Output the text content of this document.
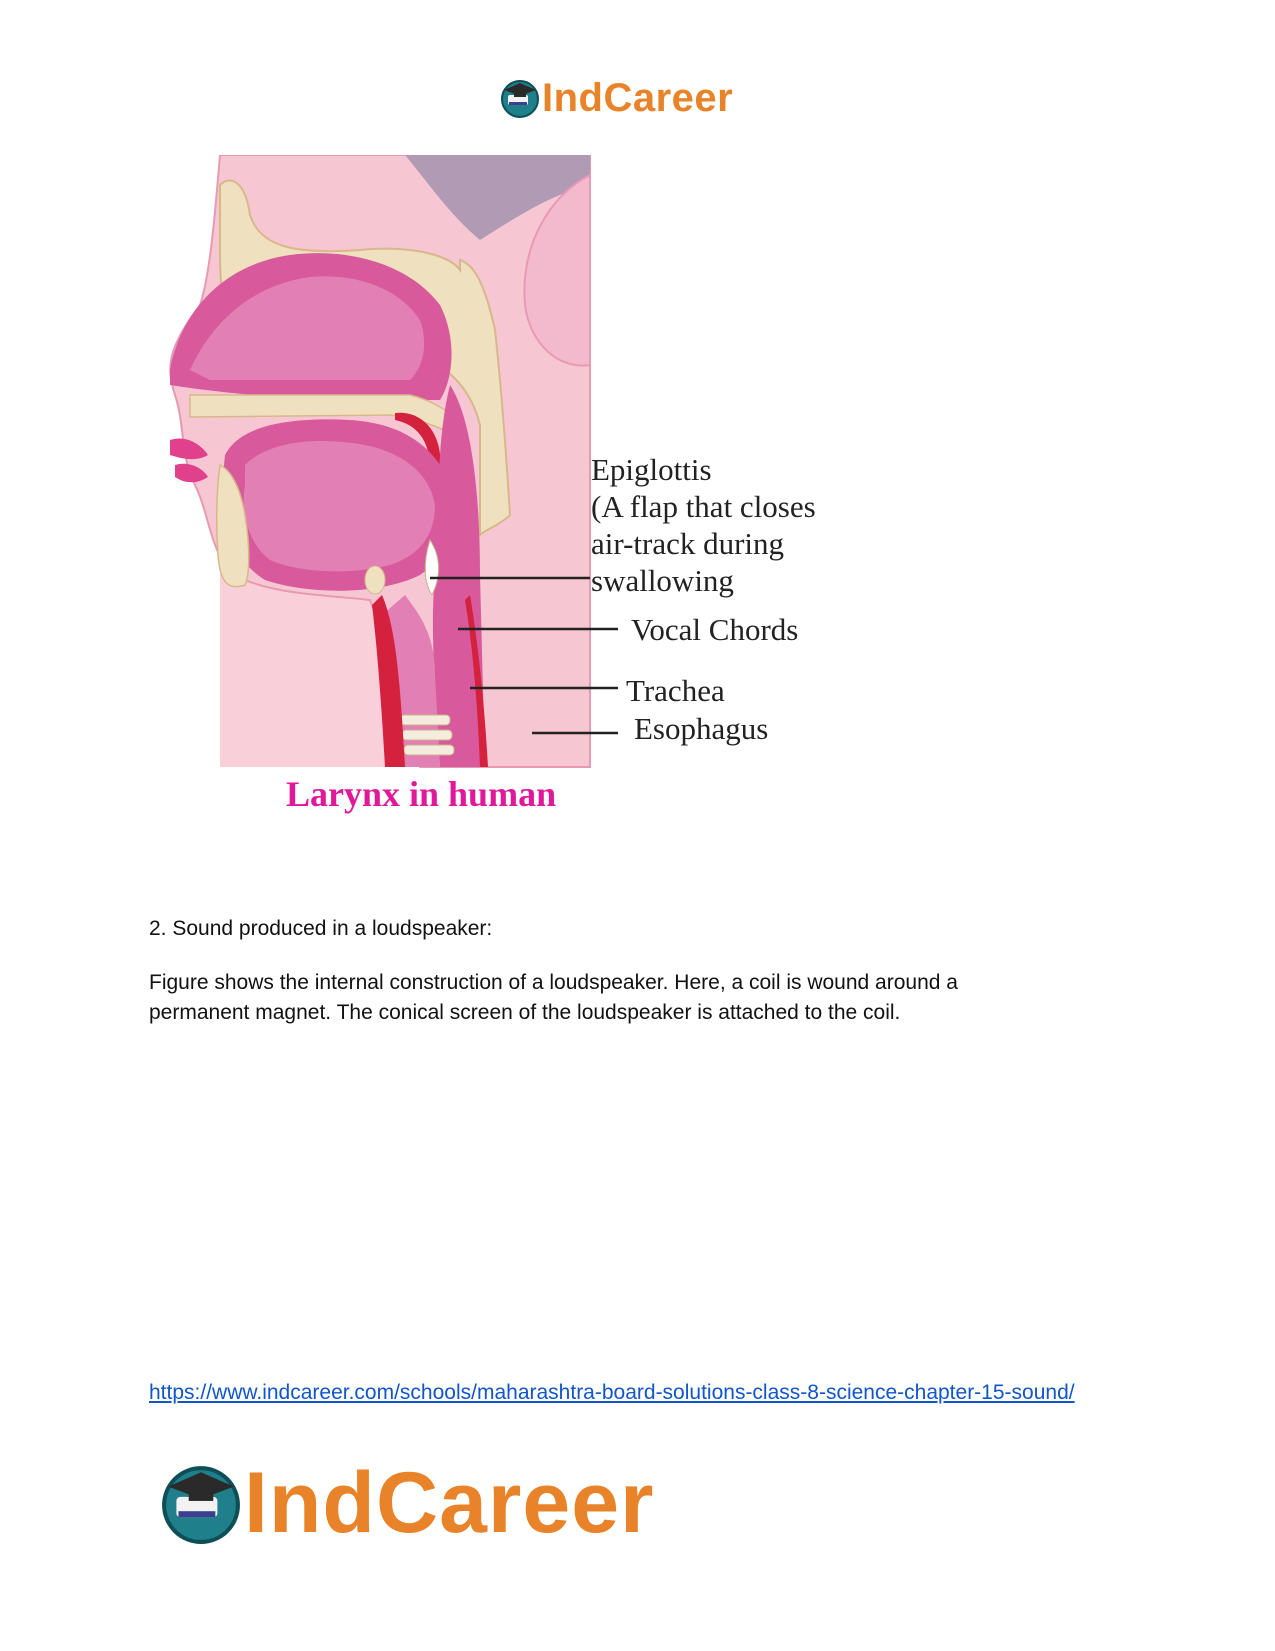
IndCareer
Epiglottis
(A flap that closes
air-track during
swallowing
Vocal Chords
Trachea
Esophagus
Larynx in human
2. Sound produced in a loudspeaker:
Figure shows the internal construction of a loudspeaker. Here, a coil is wound around a
permanent magnet. The conical screen of the loudspeaker is attached to the coil.
https://www.indcareer.com/schools/maharashtra-board-solutions-class-8-science-chapter-15-sound/
IndCareer
